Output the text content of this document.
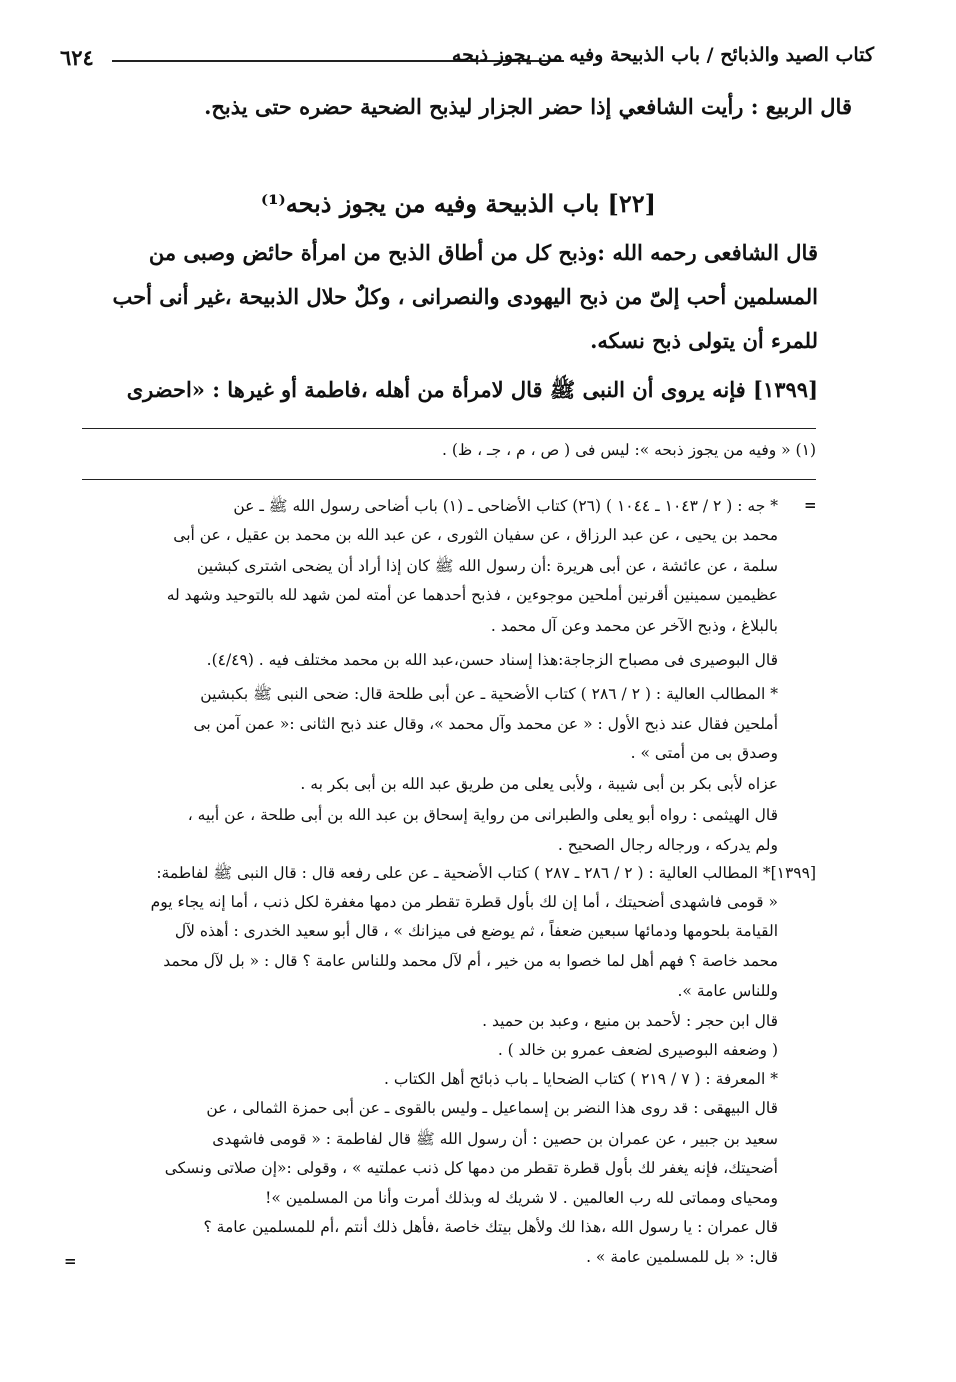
٦٢٤	كتاب الصيد والذبائح / باب الذبيحة وفيه من يجوز ذبحه
قال الربيع : رأيت الشافعي إذا حضر الجزار ليذبح الضحية حضره حتى يذبح.
[٢٢] باب الذبيحة وفيه من يجوز ذبحه⁽¹⁾
قال الشافعى رحمه الله :وذبح كل من أطاق الذبح من امرأة حائض وصبى من
المسلمين أحب إلىّ من ذبح اليهودى والنصرانى ، وكلٌ حلال الذبيحة ،غير أنى أحب
للمرء أن يتولى ذبح نسكه.
[١٣٩٩] فإنه يروى أن النبى ﷺ قال لامرأة من أهله ،فاطمة أو غيرها : «احضرى
(١) « وفيه من يجوز ذبحه »: ليس فى ( ص ، م ، جـ ، ظ) .
=
=
* جه : ( ٢ / ١٠٤٣ ـ ١٠٤٤ ) (٢٦) كتاب الأضاحى ـ (١) باب أضاحى رسول الله ﷺ ـ عن
محمد بن يحيى ، عن عبد الرزاق ، عن سفيان الثورى ، عن عبد الله بن محمد بن عقيل ، عن أبى
سلمة ، عن عائشة ، عن أبى هريرة :أن رسول الله ﷺ كان إذا أراد أن يضحى اشترى كبشين
عظيمين سمينين أقرنين أملحين موجوءين ، فذبح أحدهما عن أمته لمن شهد لله بالتوحيد وشهد له
بالبلاغ ، وذبح الآخر عن محمد وعن آل محمد .
قال البوصيرى فى مصباح الزجاجة:هذا إسناد حسن،عبد الله بن محمد مختلف فيه . (٤/٤٩).
* المطالب العالية : ( ٢ / ٢٨٦ ) كتاب الأضحية ـ عن أبى طلحة قال: ضحى النبى ﷺ بكبشين
أملحين فقال عند ذبح الأول : « عن محمد وآل محمد »، وقال عند ذبح الثانى :« عمن آمن بى
وصدق بى من أمتى » .
عزاه لأبى بكر بن أبى شيبة ، ولأبى يعلى من طريق عبد الله بن أبى بكر به .
قال الهيثمى : رواه أبو يعلى والطبرانى من رواية إسحاق بن عبد الله بن أبى طلحة ، عن أبيه ،
ولم يدركه ، ورجاله رجال الصحيح .
[١٣٩٩]* المطالب العالية : ( ٢ / ٢٨٦ ـ ٢٨٧ ) كتاب الأضحية ـ عن على رفعه قال : قال النبى ﷺ لفاطمة:
« قومى فاشهدى أضحيتك ، أما إن لك بأول قطرة تقطر من دمها مغفرة لكل ذنب ، أما إنه يجاء يوم
القيامة بلحومها ودمائها سبعين ضعفاً ، ثم يوضع فى ميزانك » ، قال أبو سعيد الخدرى : أهذه لآل
محمد خاصة ؟ فهم أهل لما خصوا به من خير ، أم لآل محمد وللناس عامة ؟ قال : « بل لآل محمد
وللناس عامة ».
قال ابن حجر : لأحمد بن منيع ، وعبد بن حميد .
( وضعفه البوصيرى لضعف عمرو بن خالد ) .
* المعرفة : ( ٧ / ٢١٩ ) كتاب الضحايا ـ باب ذبائح أهل الكتاب .
قال البيهقى : قد روى هذا النضر بن إسماعيل ـ وليس بالقوى ـ عن أبى حمزة الثمالى ، عن
سعيد بن جبير ، عن عمران بن حصين : أن رسول الله ﷺ قال لفاطمة : « قومى فاشهدى
أضحيتك، فإنه يغفر لك بأول قطرة تقطر من دمها كل ذنب عملتيه » ، وقولى :«إن صلاتى ونسكى
ومحياى ومماتى لله رب العالمين . لا شريك له وبذلك أمرت وأنا من المسلمين »!
قال عمران : يا رسول الله ،هذا لك ولأهل بيتك خاصة ،فأهل ذلك أنتم ،أم للمسلمين عامة ؟
قال: « بل للمسلمين عامة » .
